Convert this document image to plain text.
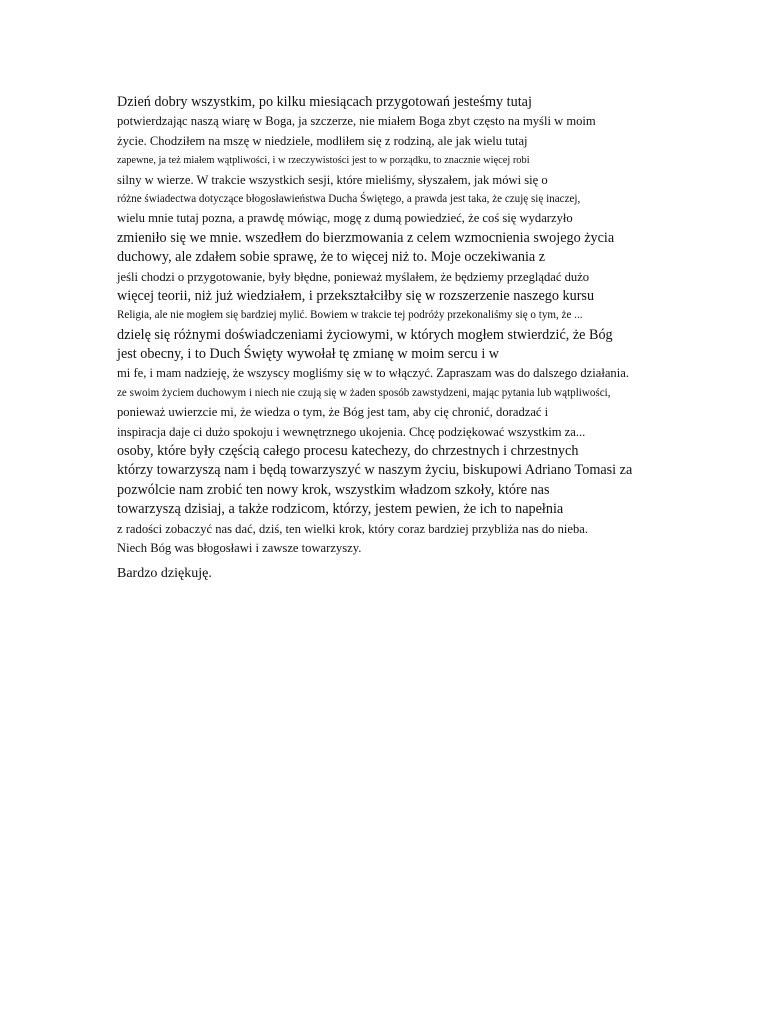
Dzień dobry wszystkim, po kilku miesiącach przygotowań jesteśmy tutaj
potwierdzając naszą wiarę w Boga, ja szczerze, nie miałem Boga zbyt często na myśli w moim
życie. Chodziłem na mszę w niedziele, modliłem się z rodziną, ale jak wielu tutaj
zapewne, ja też miałem wątpliwości, i w rzeczywistości jest to w porządku, to znacznie więcej robi
silny w wierze. W trakcie wszystkich sesji, które mieliśmy, słyszałem, jak mówi się o
różne świadectwa dotyczące błogosławieństwa Ducha Świętego, a prawda jest taka, że czuję się inaczej,
wielu mnie tutaj pozna, a prawdę mówiąc, mogę z dumą powiedzieć, że coś się wydarzyło
zmieniło się we mnie. wszedłem do bierzmowania z celem wzmocnienia swojego życia
duchowy, ale zdałem sobie sprawę, że to więcej niż to. Moje oczekiwania z
jeśli chodzi o przygotowanie, były błędne, ponieważ myślałem, że będziemy przeglądać dużo
więcej teorii, niż już wiedziałem, i przekształciłby się w rozszerzenie naszego kursu
Religia, ale nie mogłem się bardziej mylić. Bowiem w trakcie tej podróży przekonaliśmy się o tym, że ...
dzielę się różnymi doświadczeniami życiowymi, w których mogłem stwierdzić, że Bóg
jest obecny, i to Duch Święty wywołał tę zmianę w moim sercu i w
mi fe, i mam nadzieję, że wszyscy mogliśmy się w to włączyć. Zapraszam was do dalszego działania.
ze swoim życiem duchowym i niech nie czują się w żaden sposób zawstydzeni, mając pytania lub wątpliwości,
ponieważ uwierzcie mi, że wiedza o tym, że Bóg jest tam, aby cię chronić, doradzać i
inspiracja daje ci dużo spokoju i wewnętrznego ukojenia. Chcę podziękować wszystkim za...
osoby, które były częścią całego procesu katechezy, do chrzestnych i chrzestnych
którzy towarzyszą nam i będą towarzyszyć w naszym życiu, biskupowi Adriano Tomasi za
pozwólcie nam zrobić ten nowy krok, wszystkim władzom szkoły, które nas
towarzyszą dzisiaj, a także rodzicom, którzy, jestem pewien, że ich to napełnia
z radości zobaczyć nas dać, dziś, ten wielki krok, który coraz bardziej przybliża nas do nieba.
Niech Bóg was błogosławi i zawsze towarzyszy.
Bardzo dziękuję.
